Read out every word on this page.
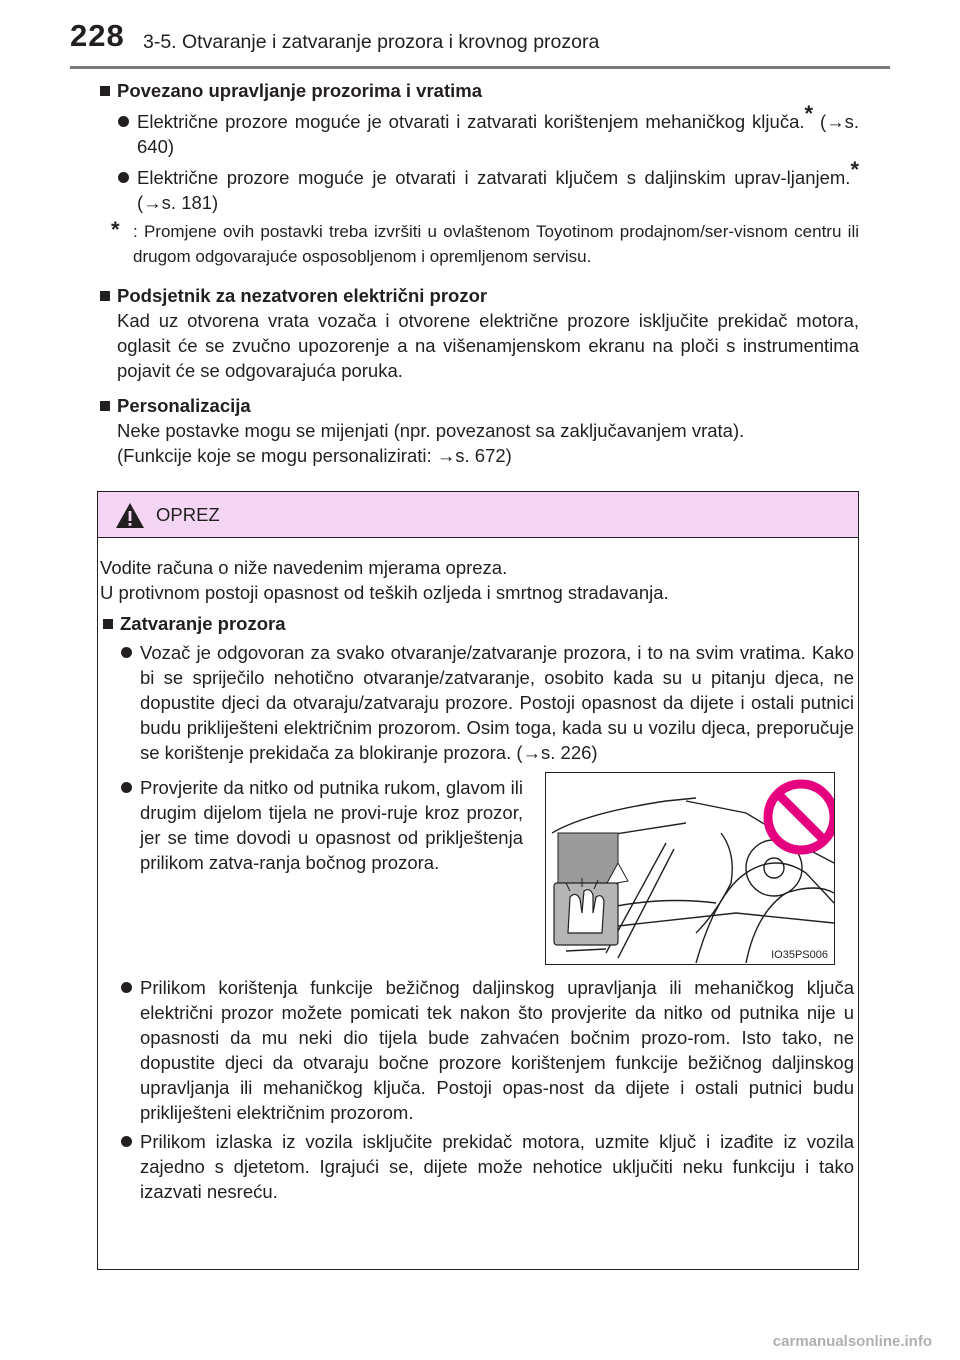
228 3-5. Otvaranje i zatvaranje prozora i krovnog prozora
Povezano upravljanje prozorima i vratima
Električne prozore moguće je otvarati i zatvarati korištenjem mehaničkog ključa.* (→s. 640)
Električne prozore moguće je otvarati i zatvarati ključem s daljinskim uprav-ljanjem.* (→s. 181)
* : Promjene ovih postavki treba izvršiti u ovlaštenom Toyotinom prodajnom/ser-visnom centru ili drugom odgovarajuće osposobljenom i opremljenom servisu.
Podsjetnik za nezatvoren električni prozor
Kad uz otvorena vrata vozača i otvorene električne prozore isključite prekidač motora, oglasit će se zvučno upozorenje a na višenamjenskom ekranu na ploči s instrumentima pojavit će se odgovarajuća poruka.
Personalizacija
Neke postavke mogu se mijenjati (npr. povezanost sa zaključavanjem vrata).
(Funkcije koje se mogu personalizirati: →s. 672)
OPREZ
Vodite računa o niže navedenim mjerama opreza.
U protivnom postoji opasnost od teških ozljeda i smrtnog stradavanja.
Zatvaranje prozora
Vozač je odgovoran za svako otvaranje/zatvaranje prozora, i to na svim vratima. Kako bi se spriječilo nehotično otvaranje/zatvaranje, osobito kada su u pitanju djeca, ne dopustite djeci da otvaraju/zatvaraju prozore. Postoji opasnost da dijete i ostali putnici budu prikliješteni električnim prozorom. Osim toga, kada su u vozilu djeca, preporučuje se korištenje prekidača za blokiranje prozora. (→s. 226)
Provjerite da nitko od putnika rukom, glavom ili drugim dijelom tijela ne provi-ruje kroz prozor, jer se time dovodi u opasnost od priklještenja prilikom zatva-ranja bočnog prozora.
IO35PS006
Prilikom korištenja funkcije bežičnog daljinskog upravljanja ili mehaničkog ključa električni prozor možete pomicati tek nakon što provjerite da nitko od putnika nije u opasnosti da mu neki dio tijela bude zahvaćen bočnim prozo-rom. Isto tako, ne dopustite djeci da otvaraju bočne prozore korištenjem funkcije bežičnog daljinskog upravljanja ili mehaničkog ključa. Postoji opas-nost da dijete i ostali putnici budu prikliješteni električnim prozorom.
Prilikom izlaska iz vozila isključite prekidač motora, uzmite ključ i izađite iz vozila zajedno s djetetom. Igrajući se, dijete može nehotice uključiti neku funkciju i tako izazvati nesreću.
carmanualsonline.info
